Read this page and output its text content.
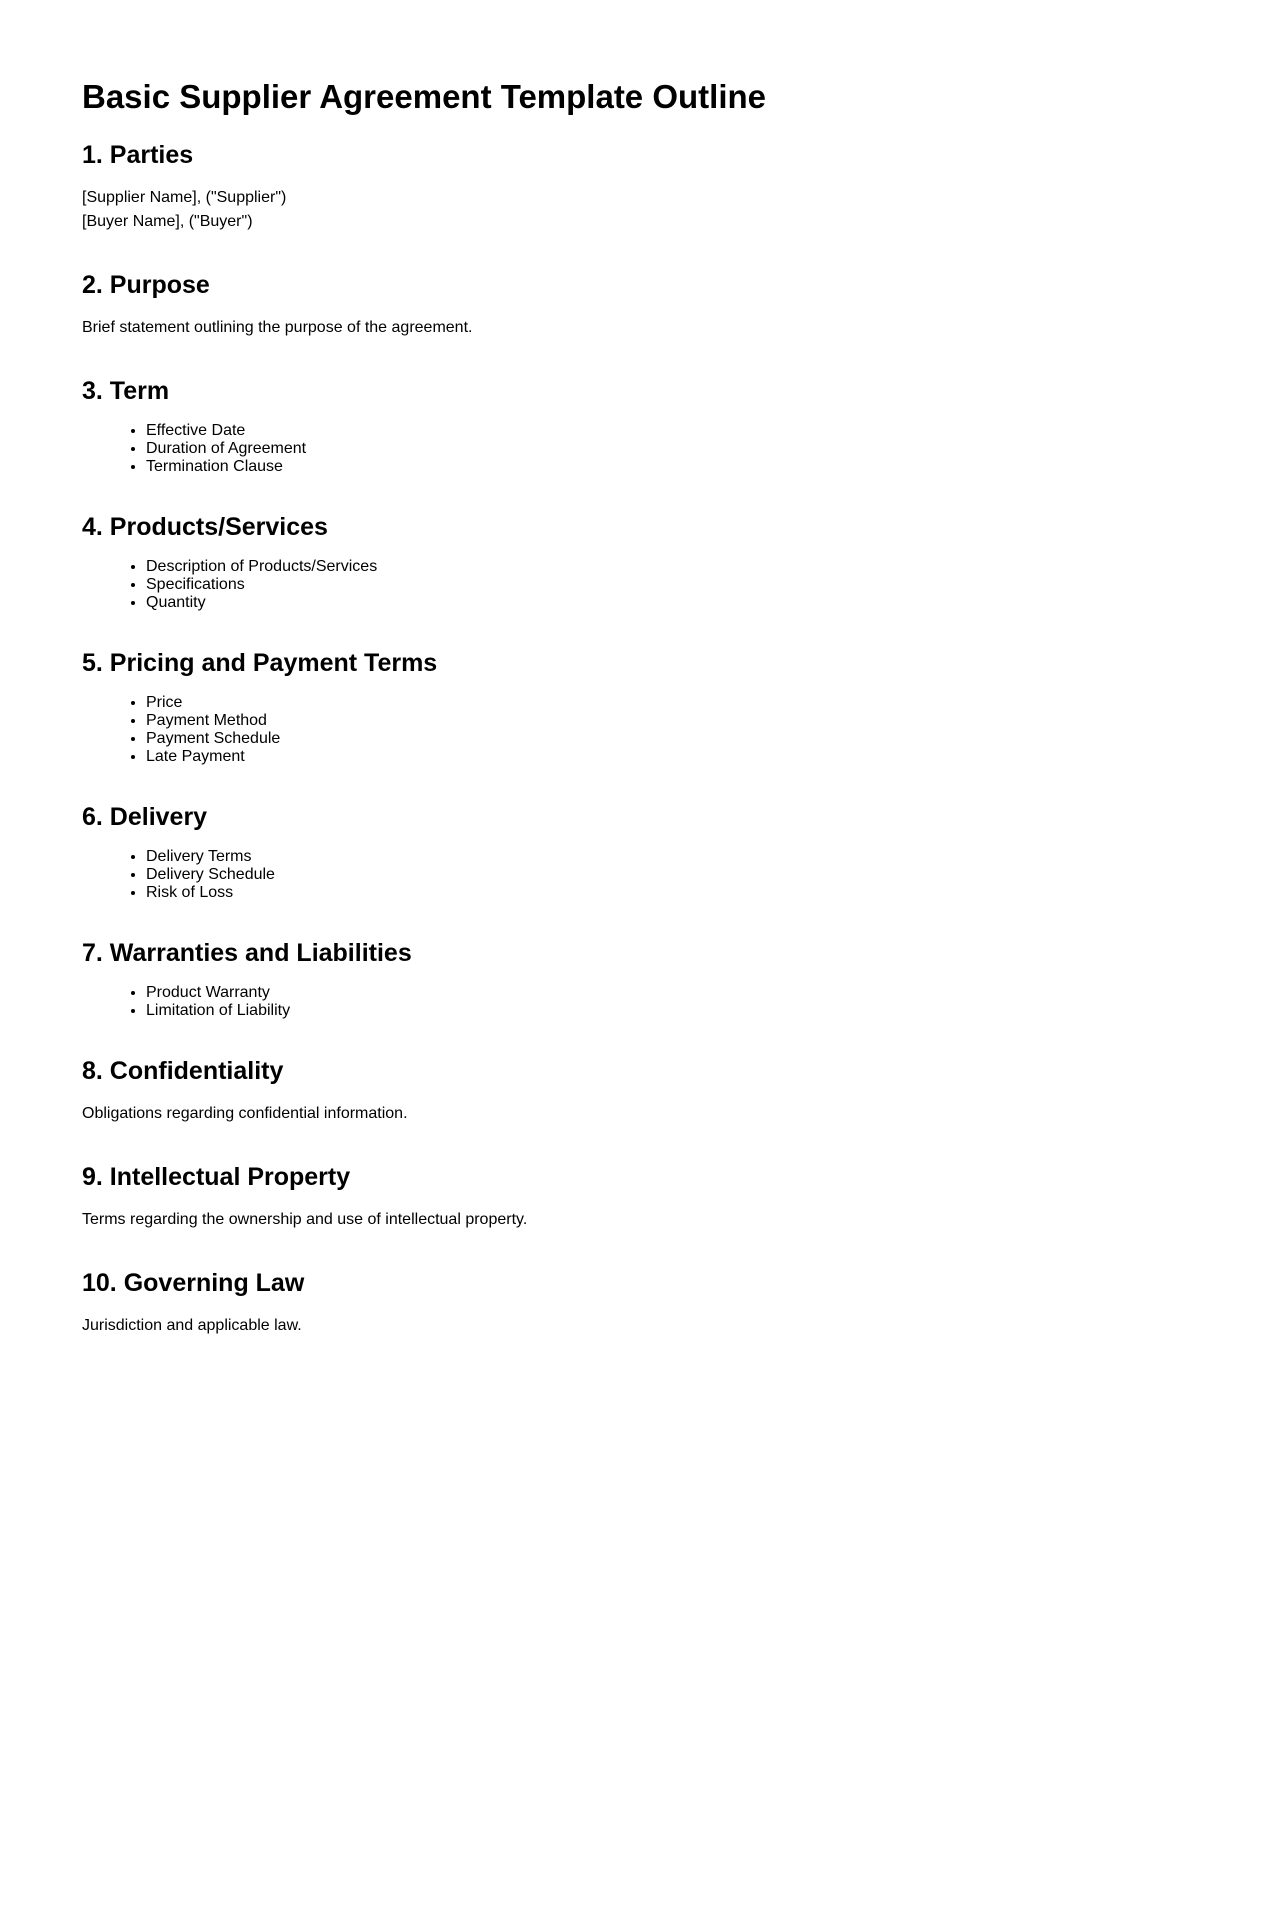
Basic Supplier Agreement Template Outline
1. Parties

[Supplier Name], ("Supplier")

[Buyer Name], ("Buyer")

2. Purpose

Brief statement outlining the purpose of the agreement.

3. Term
• Effective Date
• Duration of Agreement
• Termination Clause
4. Products/Services
• Description of Products/Services
• Specifications
• Quantity
5. Pricing and Payment Terms
• Price
• Payment Method
• Payment Schedule
• Late Payment
6. Delivery
• Delivery Terms
• Delivery Schedule
• Risk of Loss
7. Warranties and Liabilities
• Product Warranty
• Limitation of Liability
8. Confidentiality

Obligations regarding confidential information.

9. Intellectual Property

Terms regarding the ownership and use of intellectual property.

10. Governing Law

Jurisdiction and applicable law.
